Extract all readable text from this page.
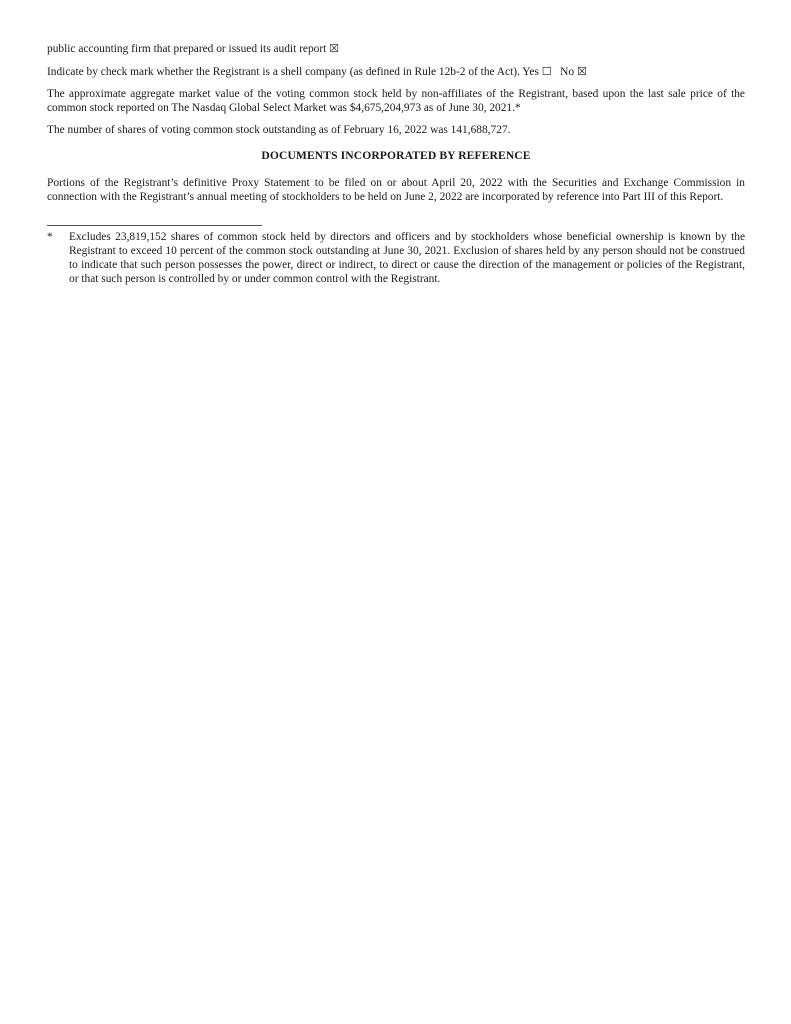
public accounting firm that prepared or issued its audit report ☒

Indicate by check mark whether the Registrant is a shell company (as defined in Rule 12b-2 of the Act). Yes ☐ No ☒

The approximate aggregate market value of the voting common stock held by non-affiliates of the Registrant, based upon the last sale price of the common stock reported on The Nasdaq Global Select Market was $4,675,204,973 as of June 30, 2021.*

The number of shares of voting common stock outstanding as of February 16, 2022 was 141,688,727.

DOCUMENTS INCORPORATED BY REFERENCE

Portions of the Registrant’s definitive Proxy Statement to be filed on or about April 20, 2022 with the Securities and Exchange Commission in connection with the Registrant’s annual meeting of stockholders to be held on June 2, 2022 are incorporated by reference into Part III of this Report.

*	Excludes 23,819,152 shares of common stock held by directors and officers and by stockholders whose beneficial ownership is known by the Registrant to exceed 10 percent of the common stock outstanding at June 30, 2021. Exclusion of shares held by any person should not be construed to indicate that such person possesses the power, direct or indirect, to direct or cause the direction of the management or policies of the Registrant, or that such person is controlled by or under common control with the Registrant.
